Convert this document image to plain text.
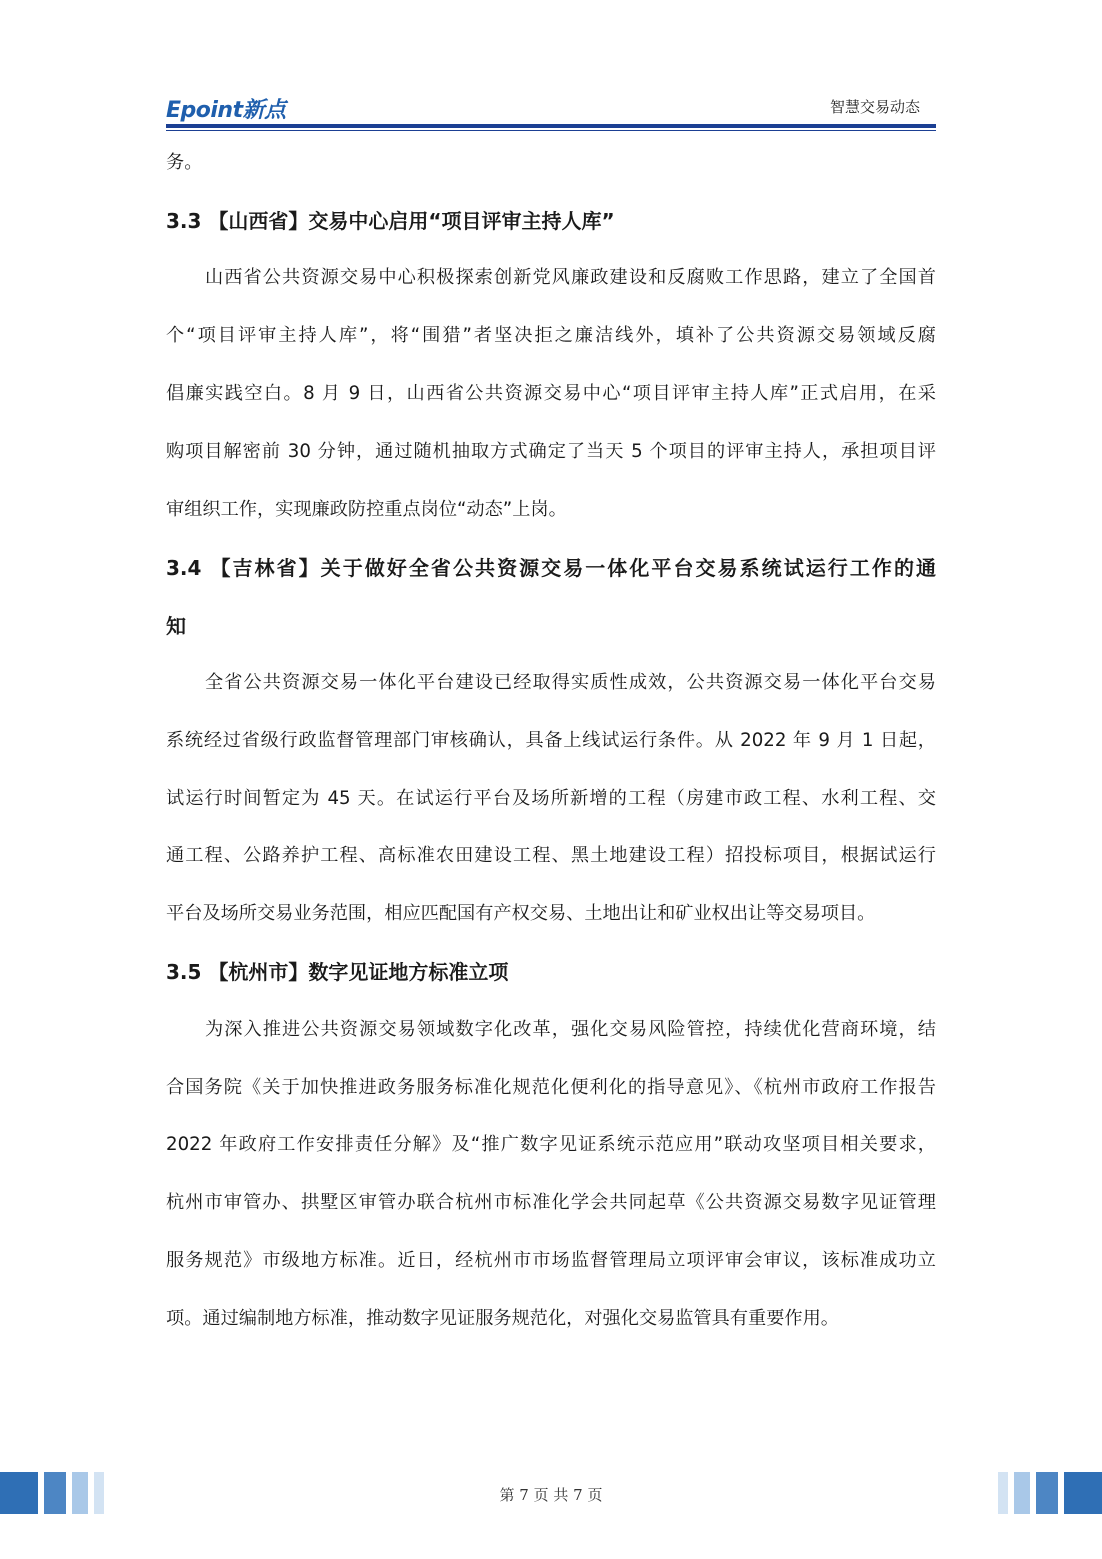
Epoint新点	智慧交易动态
务。
3.3 【山西省】交易中心启用“项目评审主持人库”
山西省公共资源交易中心积极探索创新党风廉政建设和反腐败工作思路，建立了全国首
个“项目评审主持人库”，将“围猎”者坚决拒之廉洁线外，填补了公共资源交易领域反腐
倡廉实践空白。8 月 9 日，山西省公共资源交易中心“项目评审主持人库”正式启用，在采
购项目解密前 30 分钟，通过随机抽取方式确定了当天 5 个项目的评审主持人，承担项目评
审组织工作，实现廉政防控重点岗位“动态”上岗。
3.4 【吉林省】关于做好全省公共资源交易一体化平台交易系统试运行工作的通
知
全省公共资源交易一体化平台建设已经取得实质性成效，公共资源交易一体化平台交易
系统经过省级行政监督管理部门审核确认，具备上线试运行条件。从 2022 年 9 月 1 日起，
试运行时间暂定为 45 天。在试运行平台及场所新增的工程（房建市政工程、水利工程、交
通工程、公路养护工程、高标准农田建设工程、黑土地建设工程）招投标项目，根据试运行
平台及场所交易业务范围，相应匹配国有产权交易、土地出让和矿业权出让等交易项目。
3.5 【杭州市】数字见证地方标准立项
为深入推进公共资源交易领域数字化改革，强化交易风险管控，持续优化营商环境，结
合国务院《关于加快推进政务服务标准化规范化便利化的指导意见》、《杭州市政府工作报告
2022 年政府工作安排责任分解》及“推广数字见证系统示范应用”联动攻坚项目相关要求，
杭州市审管办、拱墅区审管办联合杭州市标准化学会共同起草《公共资源交易数字见证管理
服务规范》市级地方标准。近日，经杭州市市场监督管理局立项评审会审议，该标准成功立
项。通过编制地方标准，推动数字见证服务规范化，对强化交易监管具有重要作用。
第 7 页 共 7 页
